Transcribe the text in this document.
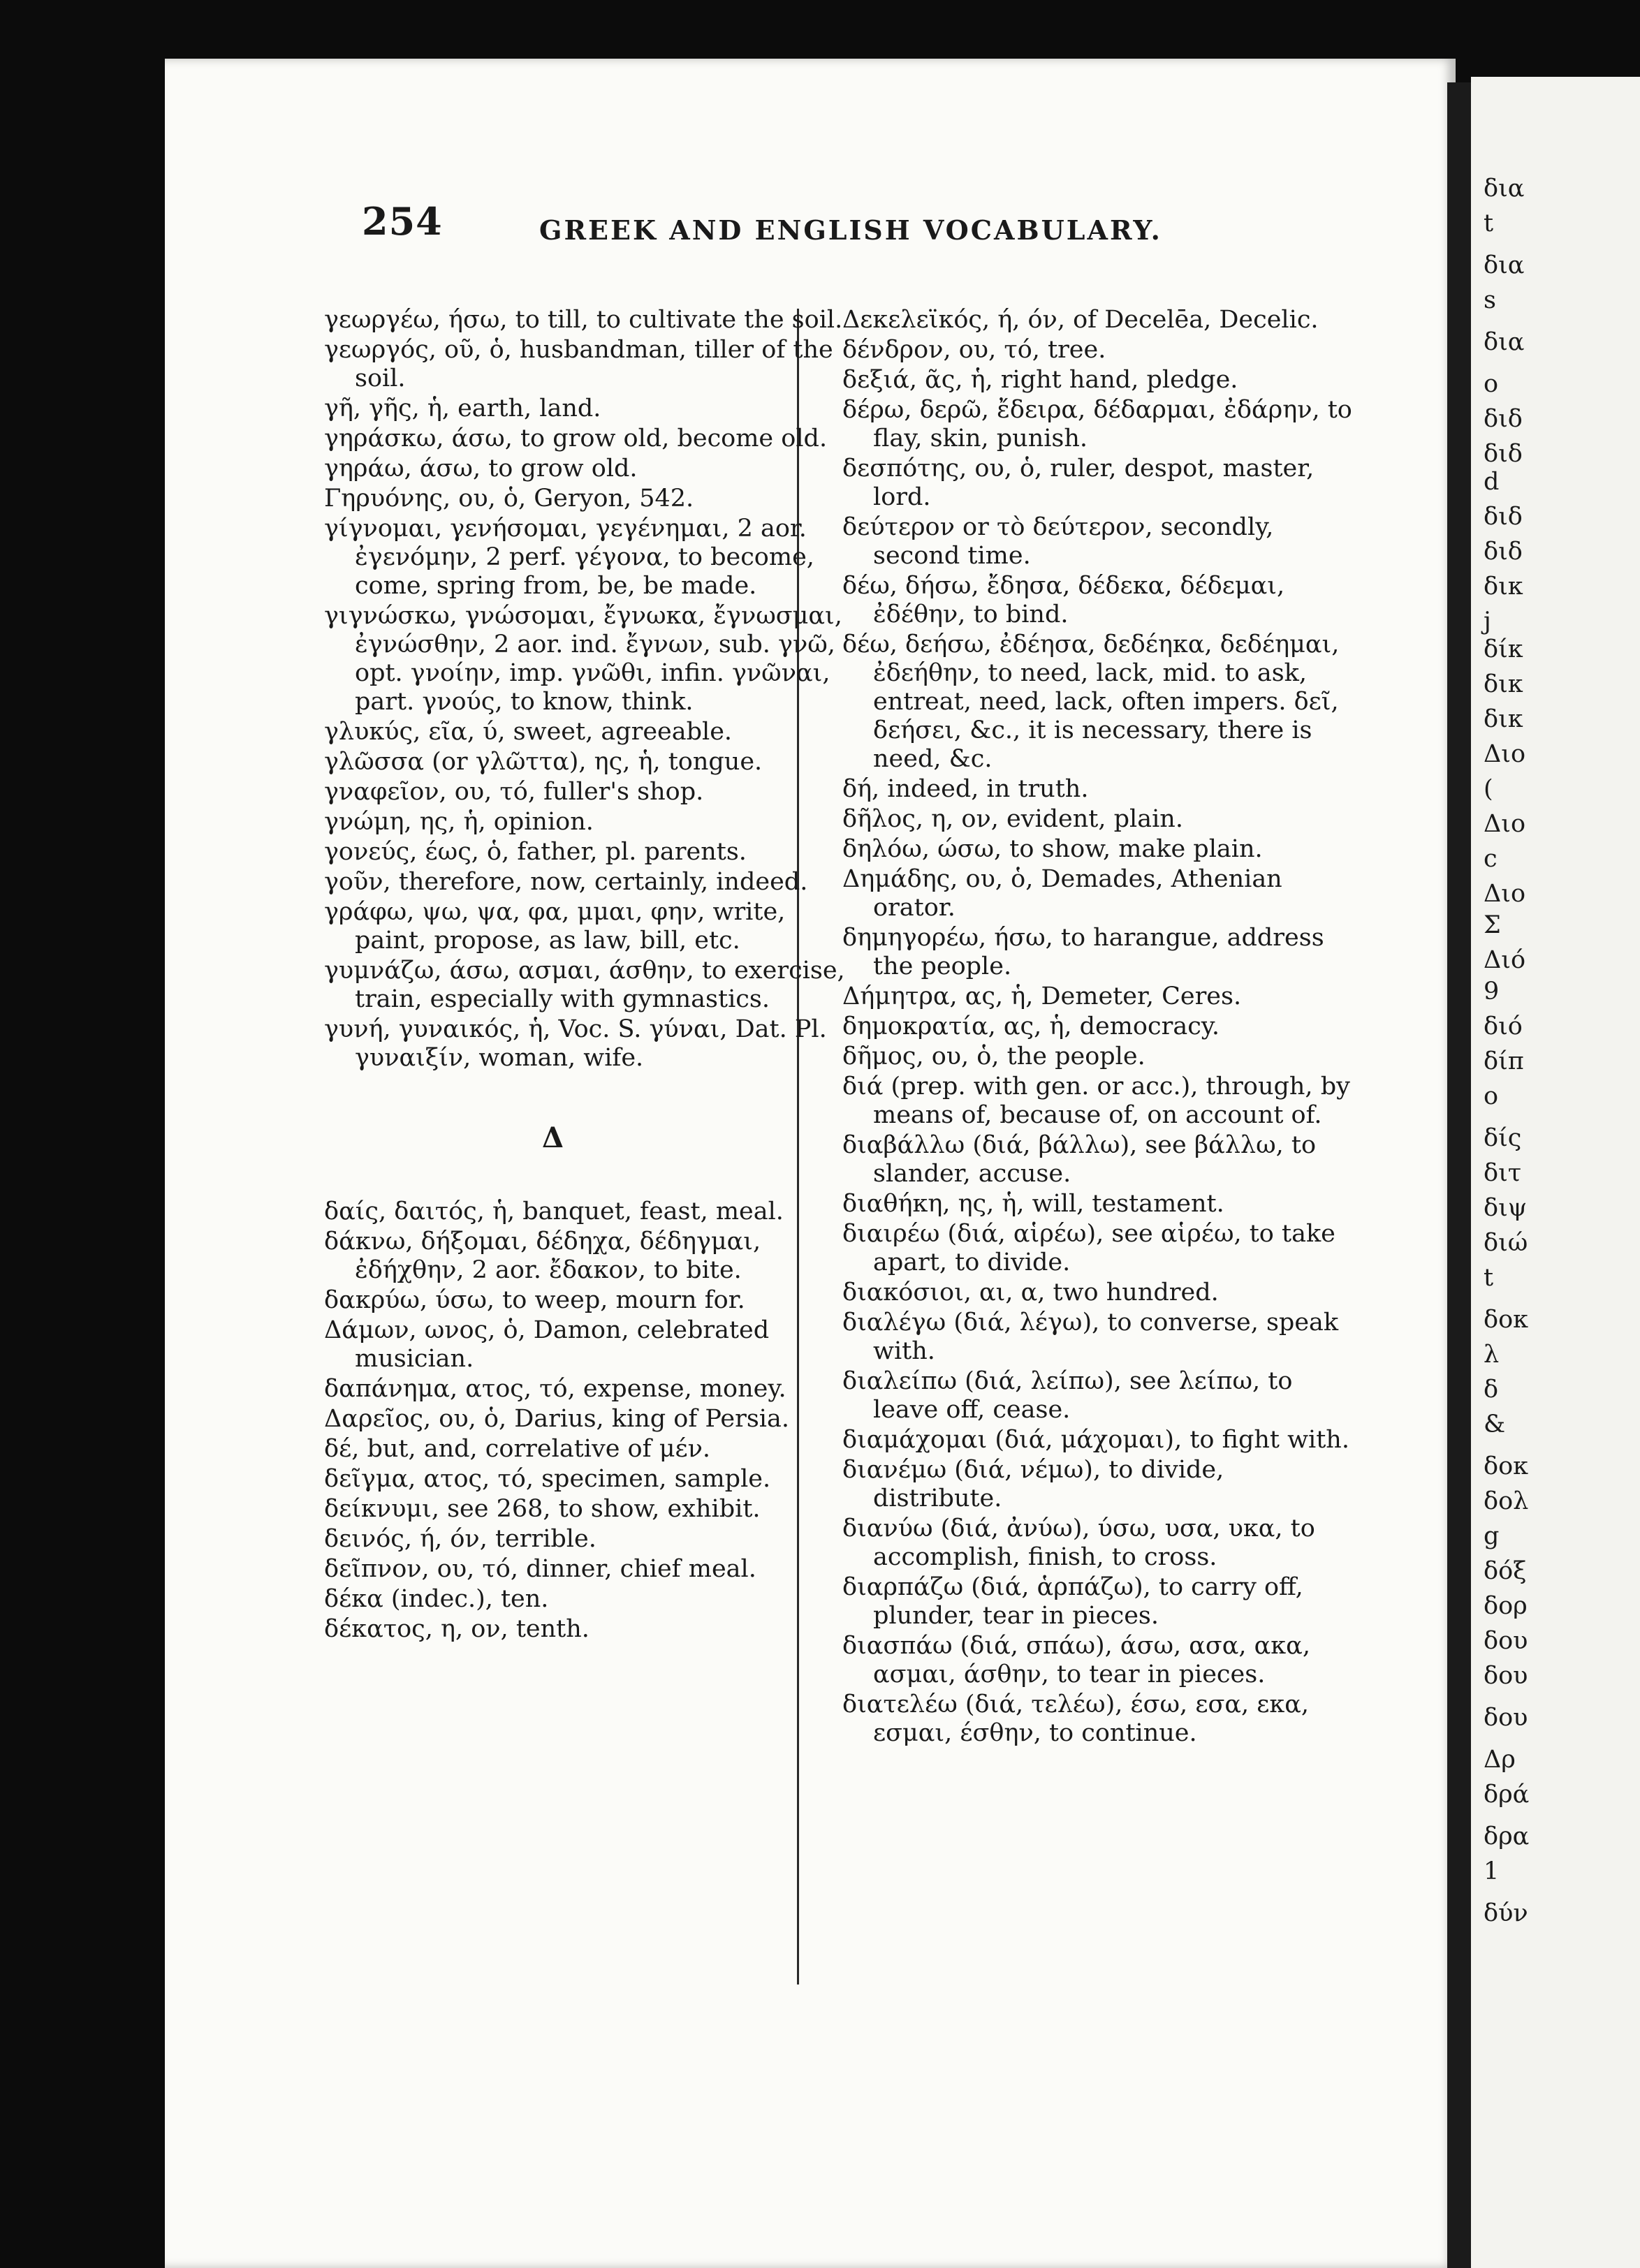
δια
t
δια
s
δια
o
διδ
διδ
d
διδ
διδ
δικ
j
δίκ
δικ
δικ
Διο
(
Διο
c
Διο
Σ
Διό
9
διό
δίπ
o
δίς
διτ
διψ
διώ
t
δοκ
λ
δ
&
δοκ
δολ
g
δόξ
δορ
δου
δου
δου
Δρ
δρά
δρα
1
δύν
254	GREEK AND ENGLISH VOCABULARY.

γεωργέω, ήσω, to till, to cultivate the soil.

γεωργός, οῦ, ὁ, husbandman, tiller of the soil.

γῆ, γῆς, ἡ, earth, land.

γηράσκω, άσω, to grow old, become old.

γηράω, άσω, to grow old.

Γηρυόνης, ου, ὁ, Geryon, 542.

γίγνομαι, γενήσομαι, γεγένημαι, 2 aor. ἐγενόμην, 2 perf. γέγονα, to become, come, spring from, be, be made.

γιγνώσκω, γνώσομαι, ἔγνωκα, ἔγνωσμαι, ἐγνώσθην, 2 aor. ind. ἔγνων, sub. γνῶ, opt. γνοίην, imp. γνῶθι, infin. γνῶναι, part. γνούς, to know, think.

γλυκύς, εῖα, ύ, sweet, agreeable.

γλῶσσα (or γλῶττα), ης, ἡ, tongue.

γναφεῖον, ου, τό, fuller's shop.

γνώμη, ης, ἡ, opinion.

γονεύς, έως, ὁ, father, pl. parents.

γοῦν, therefore, now, certainly, indeed.

γράφω, ψω, ψα, φα, μμαι, φην, write, paint, propose, as law, bill, etc.

γυμνάζω, άσω, ασμαι, άσθην, to exercise, train, especially with gymnastics.

γυνή, γυναικός, ἡ, Voc. S. γύναι, Dat. Pl. γυναιξίν, woman, wife.

Δ

δαίς, δαιτός, ἡ, banquet, feast, meal.

δάκνω, δήξομαι, δέδηχα, δέδηγμαι, ἐδήχθην, 2 aor. ἔδακον, to bite.

δακρύω, ύσω, to weep, mourn for.

Δάμων, ωνος, ὁ, Damon, celebrated musician.

δαπάνημα, ατος, τό, expense, money.

Δαρεῖος, ου, ὁ, Darius, king of Persia.

δέ, but, and, correlative of μέν.

δεῖγμα, ατος, τό, specimen, sample.

δείκνυμι, see 268, to show, exhibit.

δεινός, ή, όν, terrible.

δεῖπνον, ου, τό, dinner, chief meal.

δέκα (indec.), ten.

δέκατος, η, ον, tenth.

Δεκελεϊκός, ή, όν, of Decelēa, Decelic.

δένδρον, ου, τό, tree.

δεξιά, ᾶς, ἡ, right hand, pledge.

δέρω, δερῶ, ἔδειρα, δέδαρμαι, ἐδάρην, to flay, skin, punish.

δεσπότης, ου, ὁ, ruler, despot, master, lord.

δεύτερον or τὸ δεύτερον, secondly, second time.

δέω, δήσω, ἔδησα, δέδεκα, δέδεμαι, ἐδέθην, to bind.

δέω, δεήσω, ἐδέησα, δεδέηκα, δεδέημαι, ἐδεήθην, to need, lack, mid. to ask, entreat, need, lack, often impers. δεῖ, δεήσει, &c., it is necessary, there is need, &c.

δή, indeed, in truth.

δῆλος, η, ον, evident, plain.

δηλόω, ώσω, to show, make plain.

Δημάδης, ου, ὁ, Demades, Athenian orator.

δημηγορέω, ήσω, to harangue, address the people.

Δήμητρα, ας, ἡ, Demeter, Ceres.

δημοκρατία, ας, ἡ, democracy.

δῆμος, ου, ὁ, the people.

διά (prep. with gen. or acc.), through, by means of, because of, on account of.

διαβάλλω (διά, βάλλω), see βάλλω, to slander, accuse.

διαθήκη, ης, ἡ, will, testament.

διαιρέω (διά, αἱρέω), see αἱρέω, to take apart, to divide.

διακόσιοι, αι, α, two hundred.

διαλέγω (διά, λέγω), to converse, speak with.

διαλείπω (διά, λείπω), see λείπω, to leave off, cease.

διαμάχομαι (διά, μάχομαι), to fight with.

διανέμω (διά, νέμω), to divide, distribute.

διανύω (διά, ἀνύω), ύσω, υσα, υκα, to accomplish, finish, to cross.

διαρπάζω (διά, ἁρπάζω), to carry off, plunder, tear in pieces.

διασπάω (διά, σπάω), άσω, ασα, ακα, ασμαι, άσθην, to tear in pieces.

διατελέω (διά, τελέω), έσω, εσα, εκα, εσμαι, έσθην, to continue.
